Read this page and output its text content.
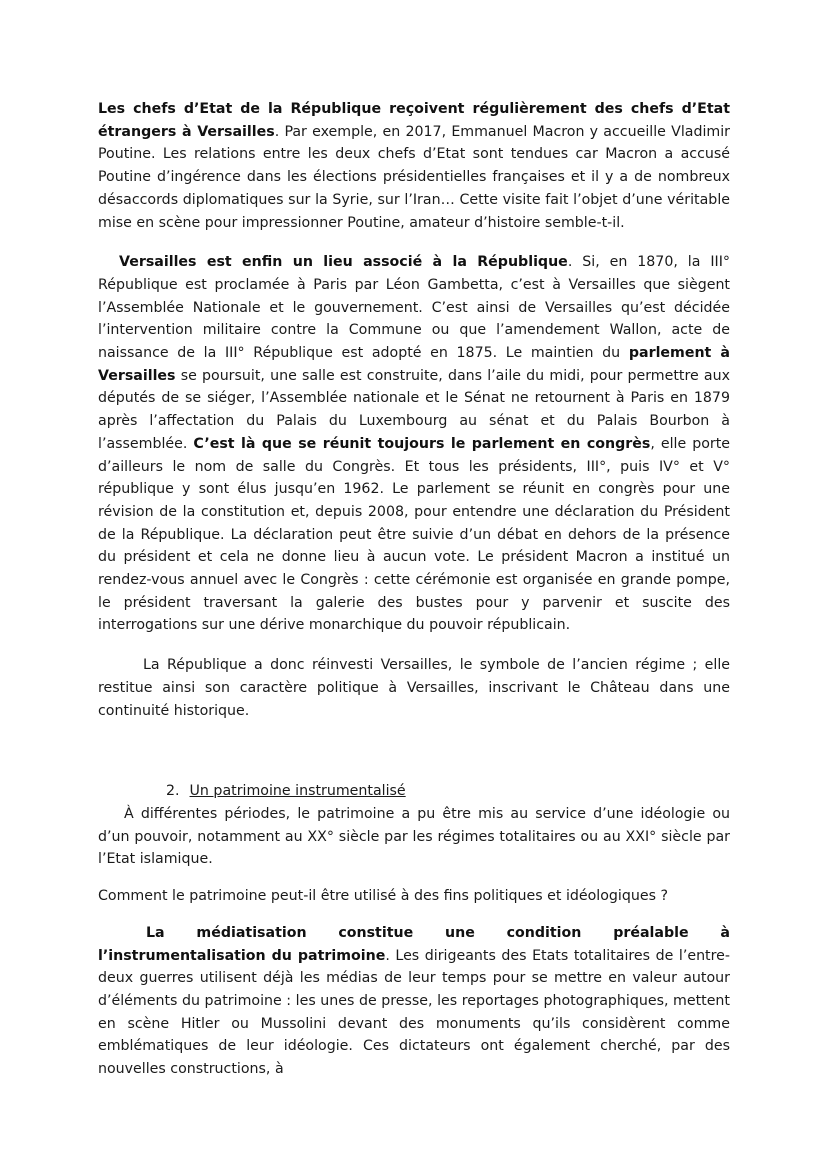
Les chefs d’Etat de la République reçoivent régulièrement des chefs d’Etat étrangers à Versailles. Par exemple, en 2017, Emmanuel Macron y accueille Vladimir Poutine. Les relations entre les deux chefs d’Etat sont tendues car Macron a accusé Poutine d’ingérence dans les élections présidentielles françaises et il y a de nombreux désaccords diplomatiques sur la Syrie, sur l’Iran… Cette visite fait l’objet d’une véritable mise en scène pour impressionner Poutine, amateur d’histoire semble-t-il.

Versailles est enfin un lieu associé à la République. Si, en 1870, la III° République est proclamée à Paris par Léon Gambetta, c’est à Versailles que siègent l’Assemblée Nationale et le gouvernement. C’est ainsi de Versailles qu’est décidée l’intervention militaire contre la Commune ou que l’amendement Wallon, acte de naissance de la III° République est adopté en 1875. Le maintien du parlement à Versailles se poursuit, une salle est construite, dans l’aile du midi, pour permettre aux députés de se siéger, l’Assemblée nationale et le Sénat ne retournent à Paris en 1879 après l’affectation du Palais du Luxembourg au sénat et du Palais Bourbon à l’assemblée. C’est là que se réunit toujours le parlement en congrès, elle porte d’ailleurs le nom de salle du Congrès. Et tous les présidents, III°, puis IV° et V° république y sont élus jusqu’en 1962. Le parlement se réunit en congrès pour une révision de la constitution et, depuis 2008, pour entendre une déclaration du Président de la République. La déclaration peut être suivie d’un débat en dehors de la présence du président et cela ne donne lieu à aucun vote. Le président Macron a institué un rendez-vous annuel avec le Congrès : cette cérémonie est organisée en grande pompe, le président traversant la galerie des bustes pour y parvenir et suscite des interrogations sur une dérive monarchique du pouvoir républicain.

La République a donc réinvesti Versailles, le symbole de l’ancien régime ; elle restitue ainsi son caractère politique à Versailles, inscrivant le Château dans une continuité historique.

2. Un patrimoine instrumentalisé

À différentes périodes, le patrimoine a pu être mis au service d’une idéologie ou d’un pouvoir, notamment au XX° siècle par les régimes totalitaires ou au XXI° siècle par l’Etat islamique.

Comment le patrimoine peut-il être utilisé à des fins politiques et idéologiques ?

La médiatisation constitue une condition préalable à l’instrumentalisation du patrimoine. Les dirigeants des Etats totalitaires de l’entre-deux guerres utilisent déjà les médias de leur temps pour se mettre en valeur autour d’éléments du patrimoine : les unes de presse, les reportages photographiques, mettent en scène Hitler ou Mussolini devant des monuments qu’ils considèrent comme emblématiques de leur idéologie. Ces dictateurs ont également cherché, par des nouvelles constructions, à
